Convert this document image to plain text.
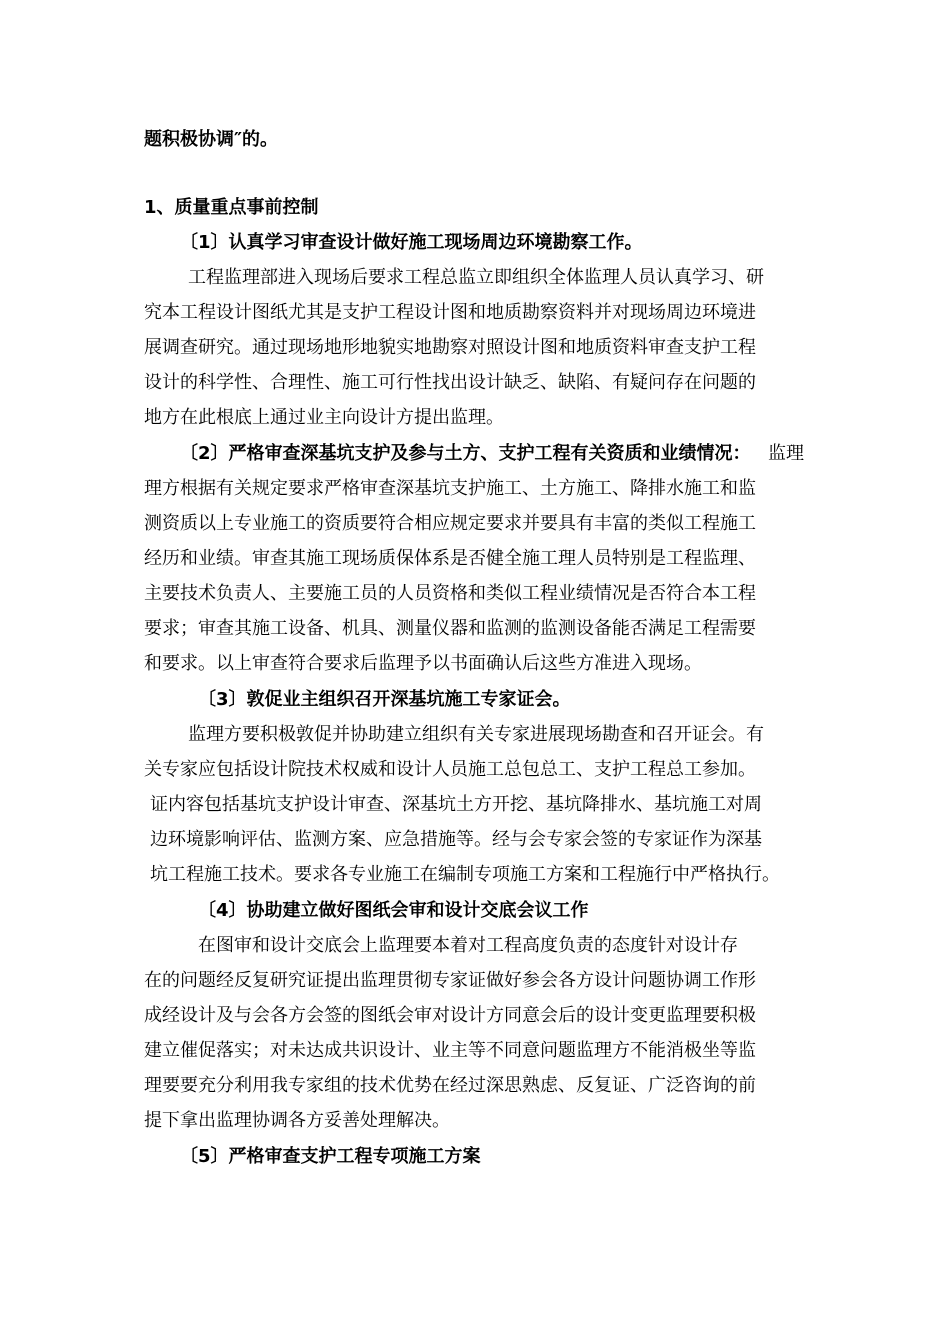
题积极协调″的。
1、质量重点事前控制
〔1〕认真学习审查设计做好施工现场周边环境勘察工作。
工程监理部进入现场后要求工程总监立即组织全体监理人员认真学习、研
究本工程设计图纸尤其是支护工程设计图和地质勘察资料并对现场周边环境进
展调查研究。通过现场地形地貌实地勘察对照设计图和地质资料审查支护工程
设计的科学性、合理性、施工可行性找出设计缺乏、缺陷、有疑问存在问题的
地方在此根底上通过业主向设计方提出监理。
〔2〕严格审查深基坑支护及参与土方、支护工程有关资质和业绩情况： 监理
理方根据有关规定要求严格审查深基坑支护施工、土方施工、降排水施工和监
测资质以上专业施工的资质要符合相应规定要求并要具有丰富的类似工程施工
经历和业绩。审查其施工现场质保体系是否健全施工理人员特别是工程监理、
主要技术负责人、主要施工员的人员资格和类似工程业绩情况是否符合本工程
要求；审查其施工设备、机具、测量仪器和监测的监测设备能否满足工程需要
和要求。以上审查符合要求后监理予以书面确认后这些方准进入现场。
〔3〕敦促业主组织召开深基坑施工专家证会。
监理方要积极敦促并协助建立组织有关专家进展现场勘查和召开证会。有
关专家应包括设计院技术权威和设计人员施工总包总工、支护工程总工参加。
证内容包括基坑支护设计审查、深基坑土方开挖、基坑降排水、基坑施工对周
边环境影响评估、监测方案、应急措施等。经与会专家会签的专家证作为深基
坑工程施工技术。要求各专业施工在编制专项施工方案和工程施行中严格执行。
〔4〕协助建立做好图纸会审和设计交底会议工作
在图审和设计交底会上监理要本着对工程高度负责的态度针对设计存
在的问题经反复研究证提出监理贯彻专家证做好参会各方设计问题协调工作形
成经设计及与会各方会签的图纸会审对设计方同意会后的设计变更监理要积极
建立催促落实；对未达成共识设计、业主等不同意问题监理方不能消极坐等监
理要要充分利用我专家组的技术优势在经过深思熟虑、反复证、广泛咨询的前
提下拿出监理协调各方妥善处理解决。
〔5〕严格审查支护工程专项施工方案
